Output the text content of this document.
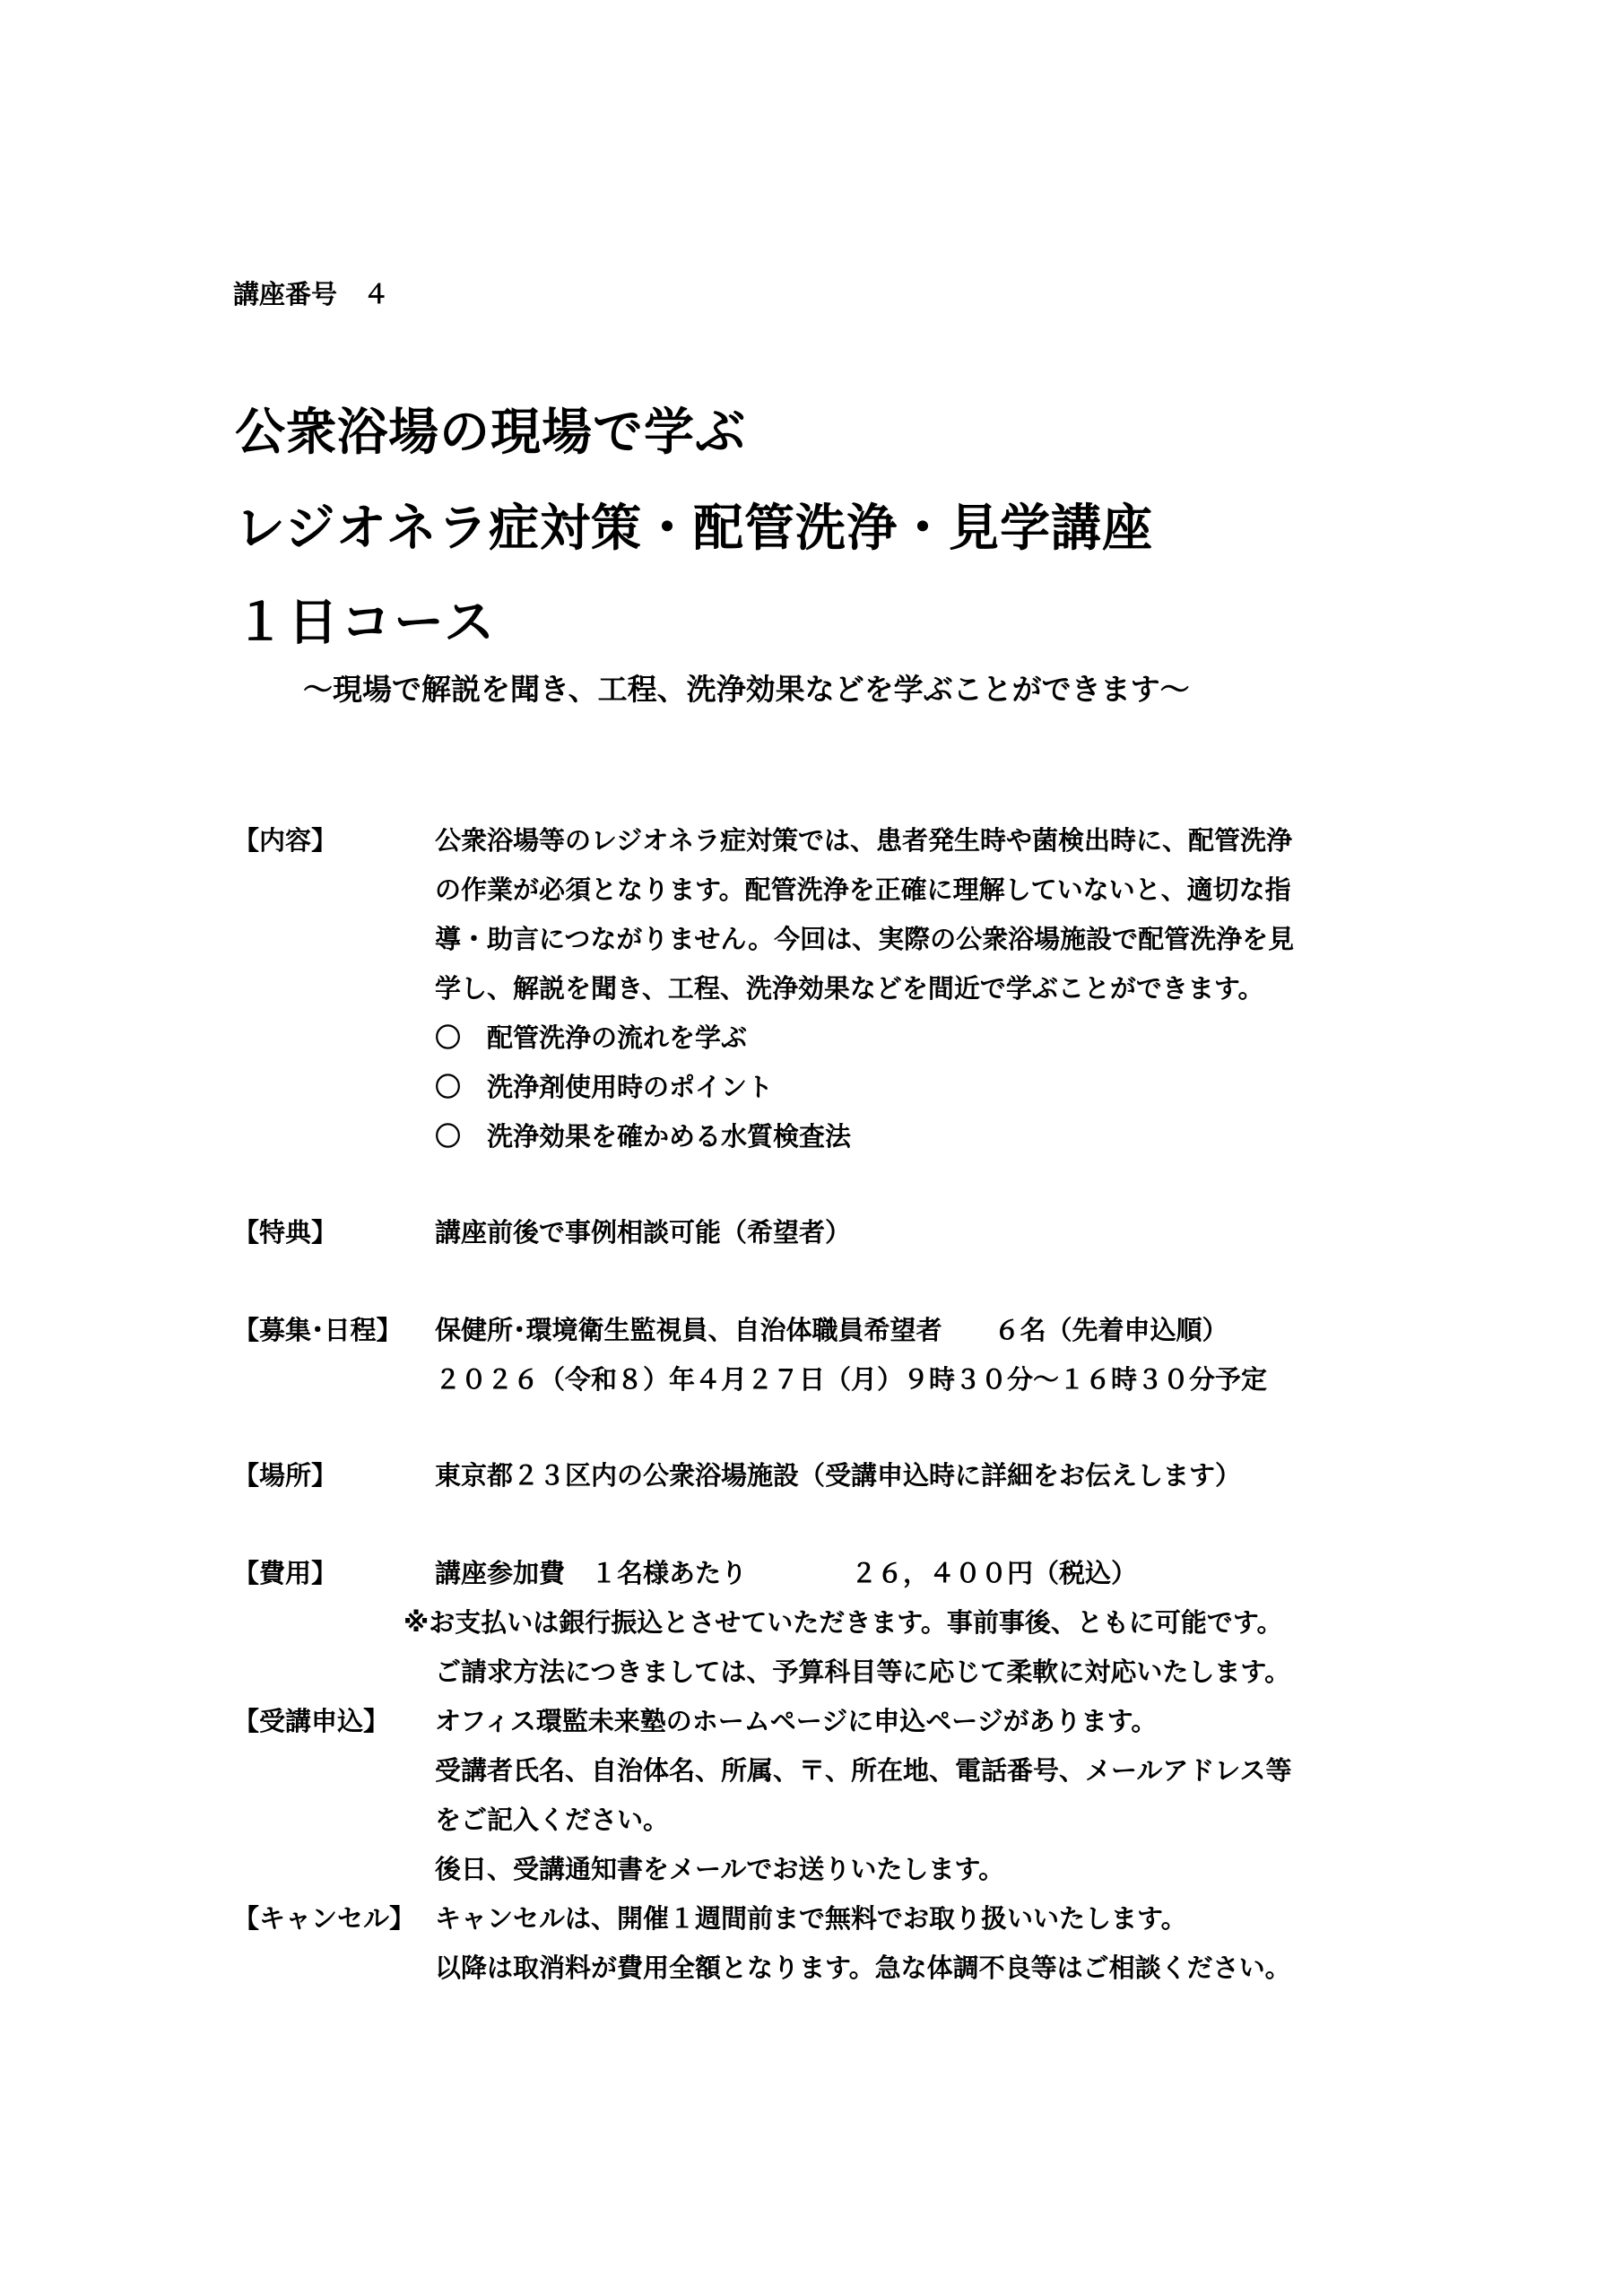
講座番号　４
公衆浴場の現場で学ぶ
レジオネラ症対策・配管洗浄・見学講座
１日コース
～現場で解説を聞き、工程、洗浄効果などを学ぶことができます～
【内容】	公衆浴場等のレジオネラ症対策では、患者発生時や菌検出時に、配管洗浄
の作業が必須となります。配管洗浄を正確に理解していないと、適切な指
導・助言につながりません。今回は、実際の公衆浴場施設で配管洗浄を見
学し、解説を聞き、工程、洗浄効果などを間近で学ぶことができます。
〇　配管洗浄の流れを学ぶ
〇　洗浄剤使用時のポイント
〇　洗浄効果を確かめる水質検査法
【特典】	講座前後で事例相談可能（希望者）
【募集･日程】 保健所･環境衛生監視員、自治体職員希望者　　６名（先着申込順）
２０２６（令和８）年４月２７日（月）９時３０分～１６時３０分予定
【場所】	東京都２３区内の公衆浴場施設（受講申込時に詳細をお伝えします）
【費用】	講座参加費　１名様あたり　　　　２６，４００円（税込）
※お支払いは銀行振込とさせていただきます。事前事後、ともに可能です。
ご請求方法につきましては、予算科目等に応じて柔軟に対応いたします。
【受講申込】 オフィス環監未来塾のホームページに申込ページがあります。
受講者氏名、自治体名、所属、〒、所在地、電話番号、メールアドレス等
をご記入ください。
後日、受講通知書をメールでお送りいたします。
【キャンセル】 キャンセルは、開催１週間前まで無料でお取り扱いいたします。
以降は取消料が費用全額となります。急な体調不良等はご相談ください。
